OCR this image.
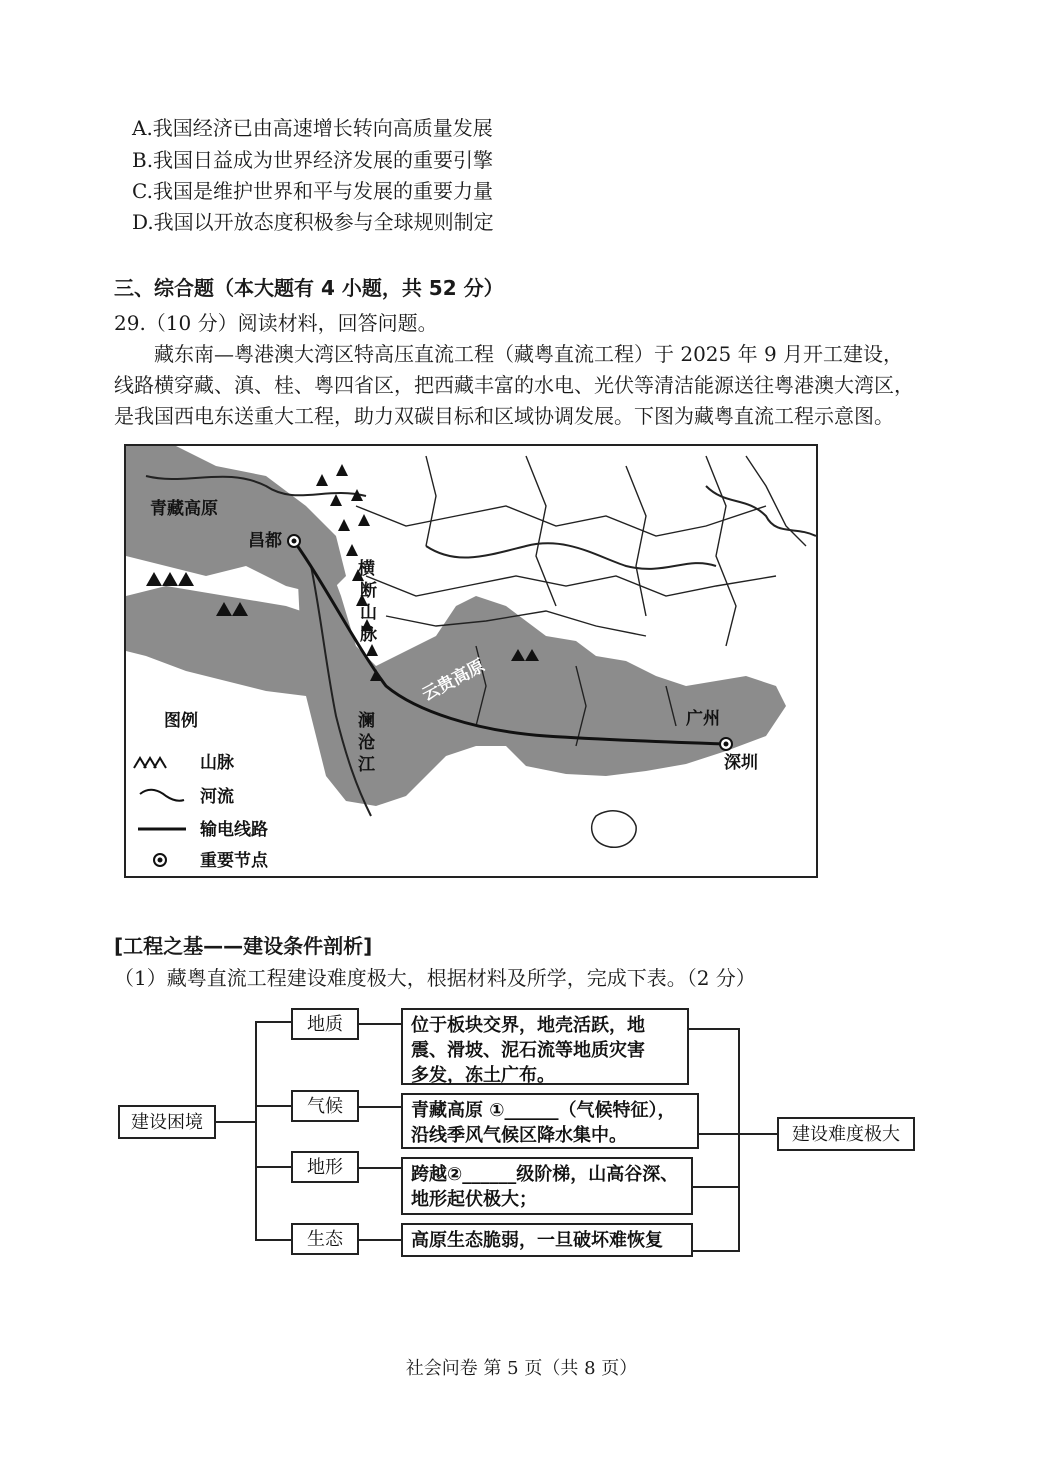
A.我国经济已由高速增长转向高质量发展
B.我国日益成为世界经济发展的重要引擎
C.我国是维护世界和平与发展的重要力量
D.我国以开放态度积极参与全球规则制定
三、综合题（本大题有 4 小题，共 52 分）
29.（10 分）阅读材料，回答问题。
藏东南—粤港澳大湾区特高压直流工程（藏粤直流工程）于 2025 年 9 月开工建设，
线路横穿藏、滇、桂、粤四省区，把西藏丰富的水电、光伏等清洁能源送往粤港澳大湾区，
是我国西电东送重大工程，助力双碳目标和区域协调发展。下图为藏粤直流工程示意图。
青藏高原
昌都
横
断
山
脉
云贵高原
澜
沧
江
广州
深圳
图例
山脉
河流
输电线路
重要节点
[工程之基——建设条件剖析]
（1）藏粤直流工程建设难度极大，根据材料及所学，完成下表。（2 分）
建设困境
地质
气候
地形
生态
位于板块交界，地壳活跃，地
震、滑坡、泥石流等地质灾害
多发，冻土广布。
青藏高原 ①______（气候特征），
沿线季风气候区降水集中。
跨越②______级阶梯，山高谷深、
地形起伏极大；
高原生态脆弱，一旦破坏难恢复
建设难度极大
社会问卷 第 5 页（共 8 页）
